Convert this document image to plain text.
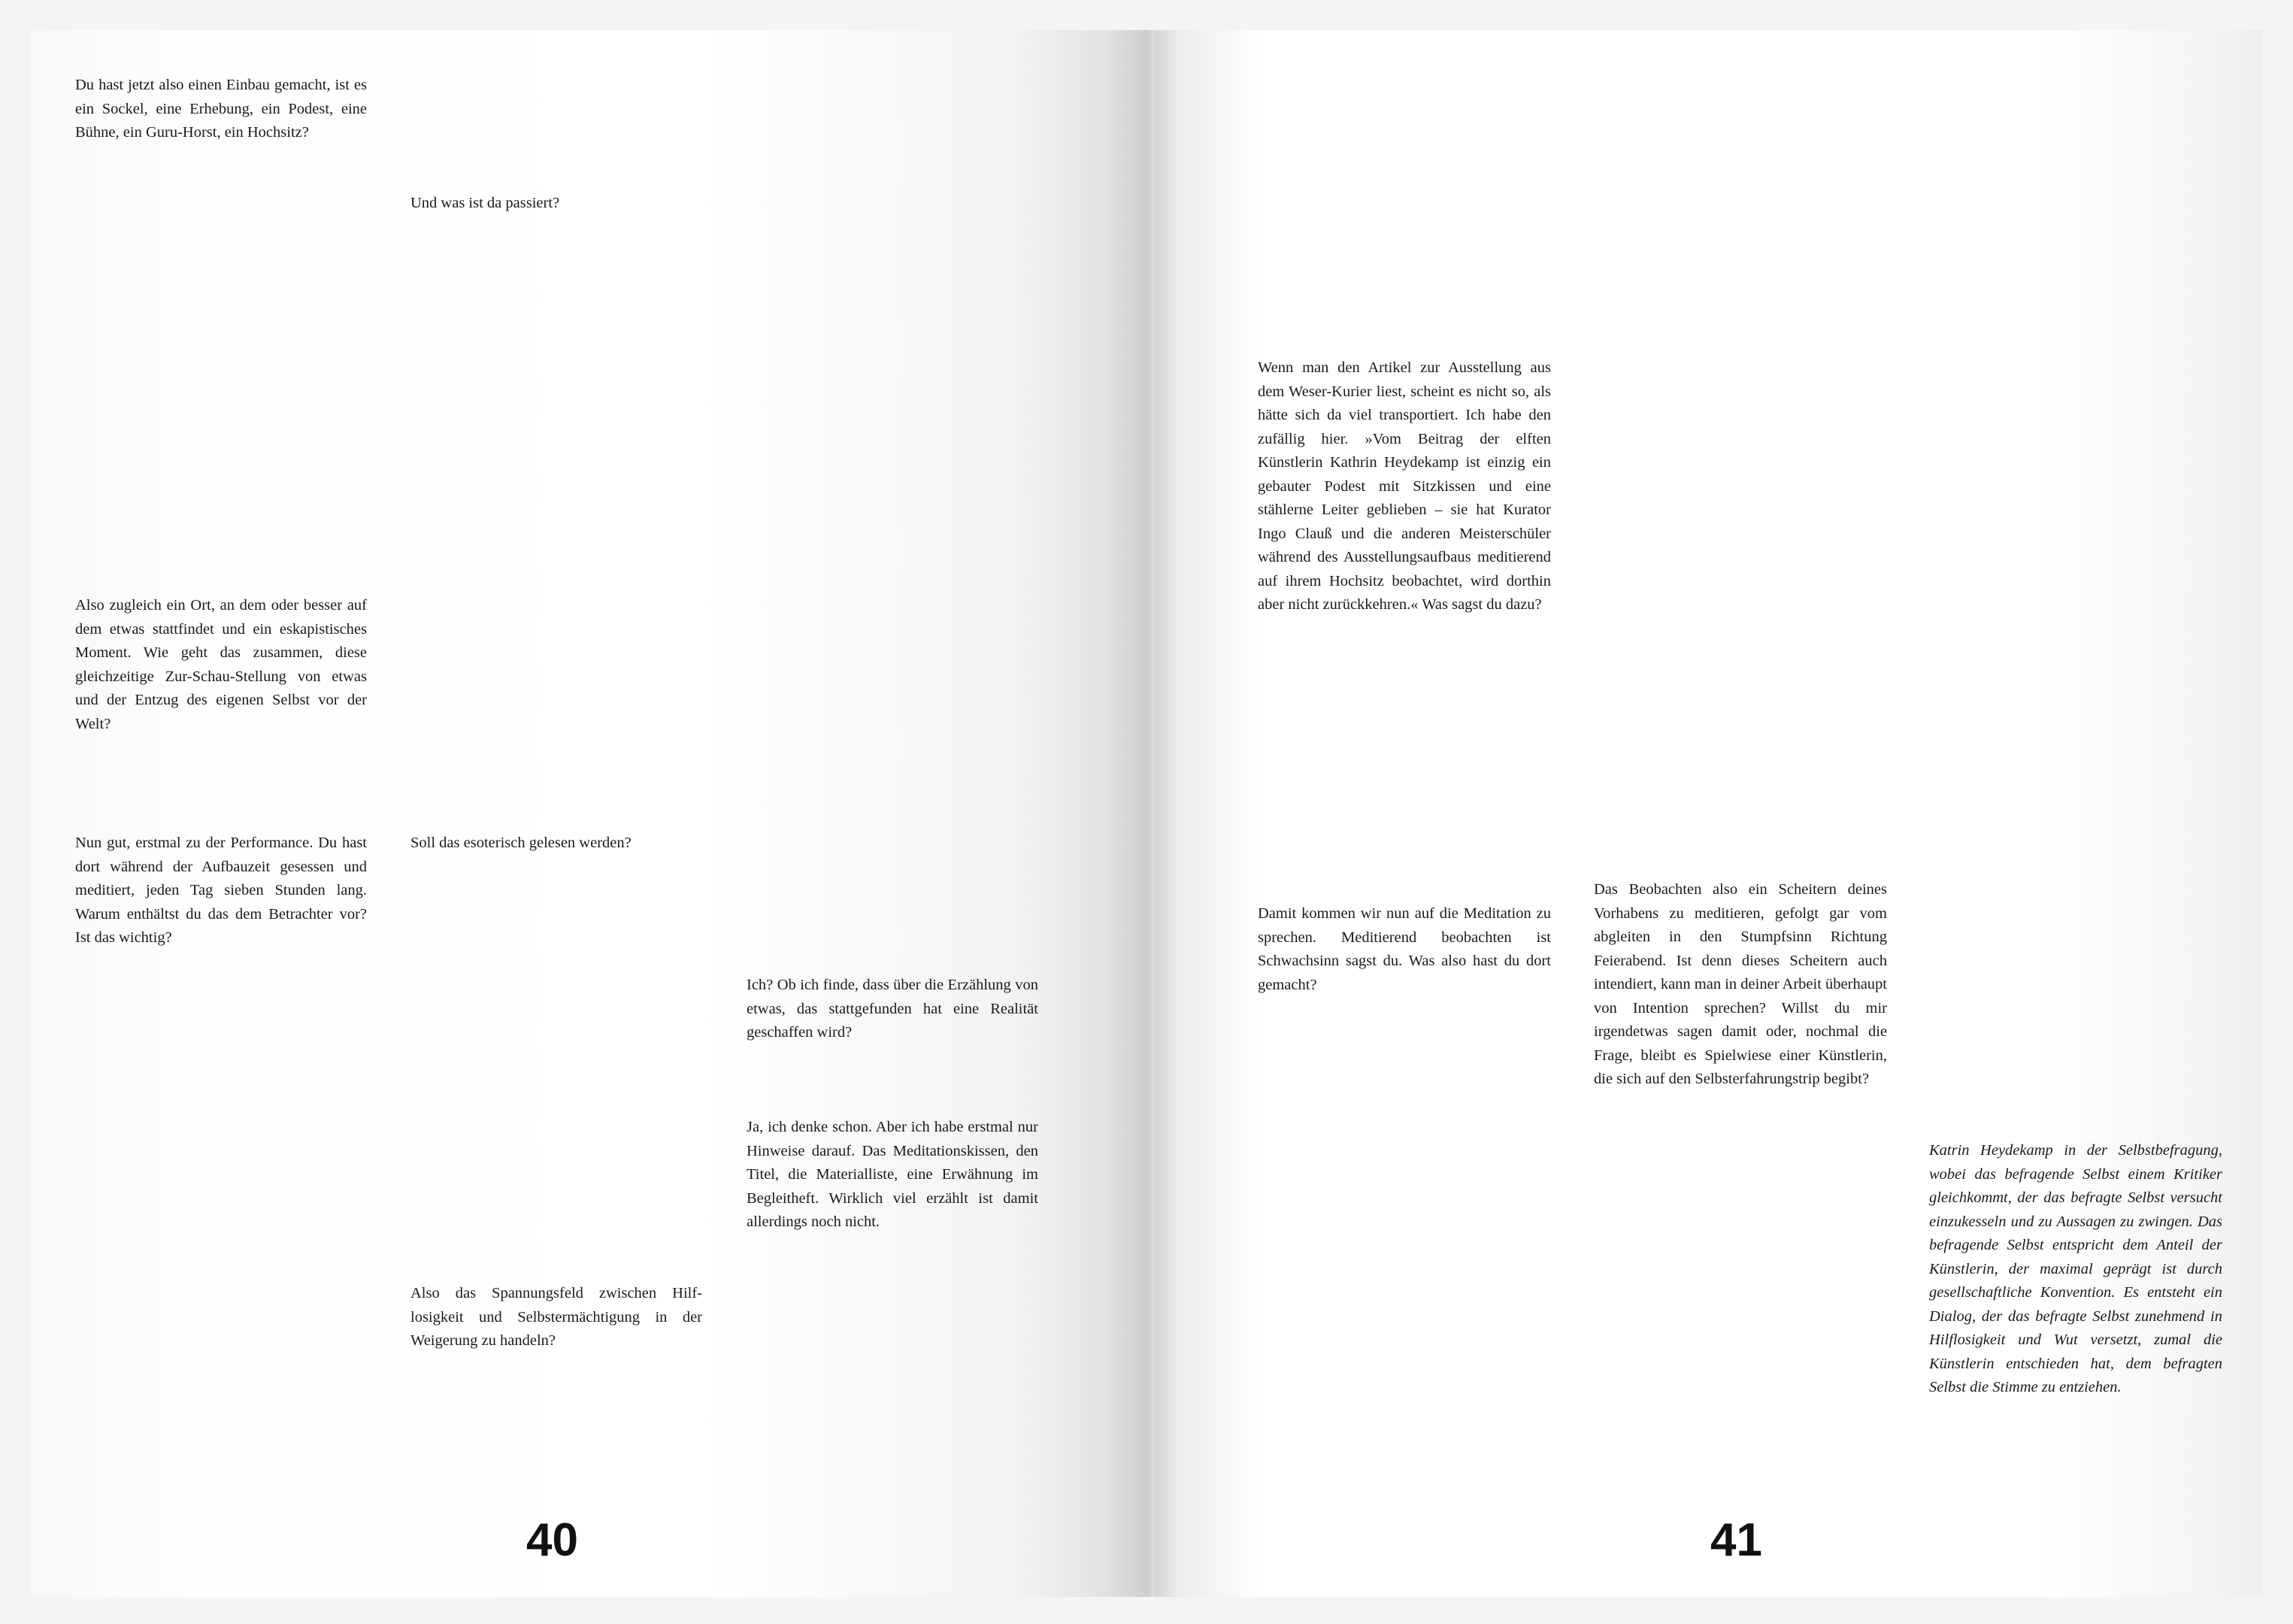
Du hast jetzt also einen Einbau gemacht, ist es ein Sockel, eine Erhebung, ein Podest, eine Bühne, ein Guru-Horst, ein Hochsitz?

Und was ist da passiert?

Also zugleich ein Ort, an dem oder besser auf dem etwas stattfindet und ein eskapistisches Moment. Wie geht das zusammen, diese gleichzeitige Zur-Schau-Stellung von etwas und der Entzug des eigenen Selbst vor der Welt?

Nun gut, erstmal zu der Performance. Du hast dort während der Aufbauzeit gesessen und meditiert, jeden Tag sieben Stunden lang. Warum enthältst du das dem Betrachter vor? Ist das wichtig?

Soll das esoterisch gelesen werden?

Ich? Ob ich finde, dass über die Erzählung von etwas, das stattgefunden hat eine Realität geschaffen wird?

Ja, ich denke schon. Aber ich habe erstmal nur Hinweise darauf. Das Meditationskissen, den Titel, die Materialliste, eine Erwähnung im Begleitheft. Wirklich viel erzählt ist damit allerdings noch nicht.

Also das Spannungsfeld zwischen Hilflosigkeit und Selbstermächtigung in der Weigerung zu handeln?

40

Wenn man den Artikel zur Ausstellung aus dem Weser-Kurier liest, scheint es nicht so, als hätte sich da viel transportiert. Ich habe den zufällig hier. »Vom Beitrag der elften Künstlerin Kathrin Heydekamp ist einzig ein gebauter Podest mit Sitzkissen und eine stählerne Leiter geblieben – sie hat Kurator Ingo Clauß und die anderen Meisterschüler während des Ausstellungsaufbaus meditierend auf ihrem Hochsitz beobachtet, wird dorthin aber nicht zurückkehren.« Was sagst du dazu?

Damit kommen wir nun auf die Meditation zu sprechen. Meditierend beobachten ist Schwachsinn sagst du. Was also hast du dort gemacht?

Das Beobachten also ein Scheitern deines Vorhabens zu meditieren, gefolgt gar vom abgleiten in den Stumpfsinn Richtung Feierabend. Ist denn dieses Scheitern auch intendiert, kann man in deiner Arbeit überhaupt von Intention sprechen? Willst du mir irgendetwas sagen damit oder, nochmal die Frage, bleibt es Spielwiese einer Künstlerin, die sich auf den Selbsterfahrungstrip begibt?

Katrin Heydekamp in der Selbstbefragung, wobei das befragende Selbst einem Kritiker gleichkommt, der das befragte Selbst versucht einzukesseln und zu Aussagen zu zwingen. Das befragende Selbst entspricht dem Anteil der Künstlerin, der maximal geprägt ist durch gesellschaftliche Konvention. Es entsteht ein Dialog, der das befragte Selbst zunehmend in Hilflosigkeit und Wut versetzt, zumal die Künstlerin entschieden hat, dem befragten Selbst die Stimme zu entziehen.

41
